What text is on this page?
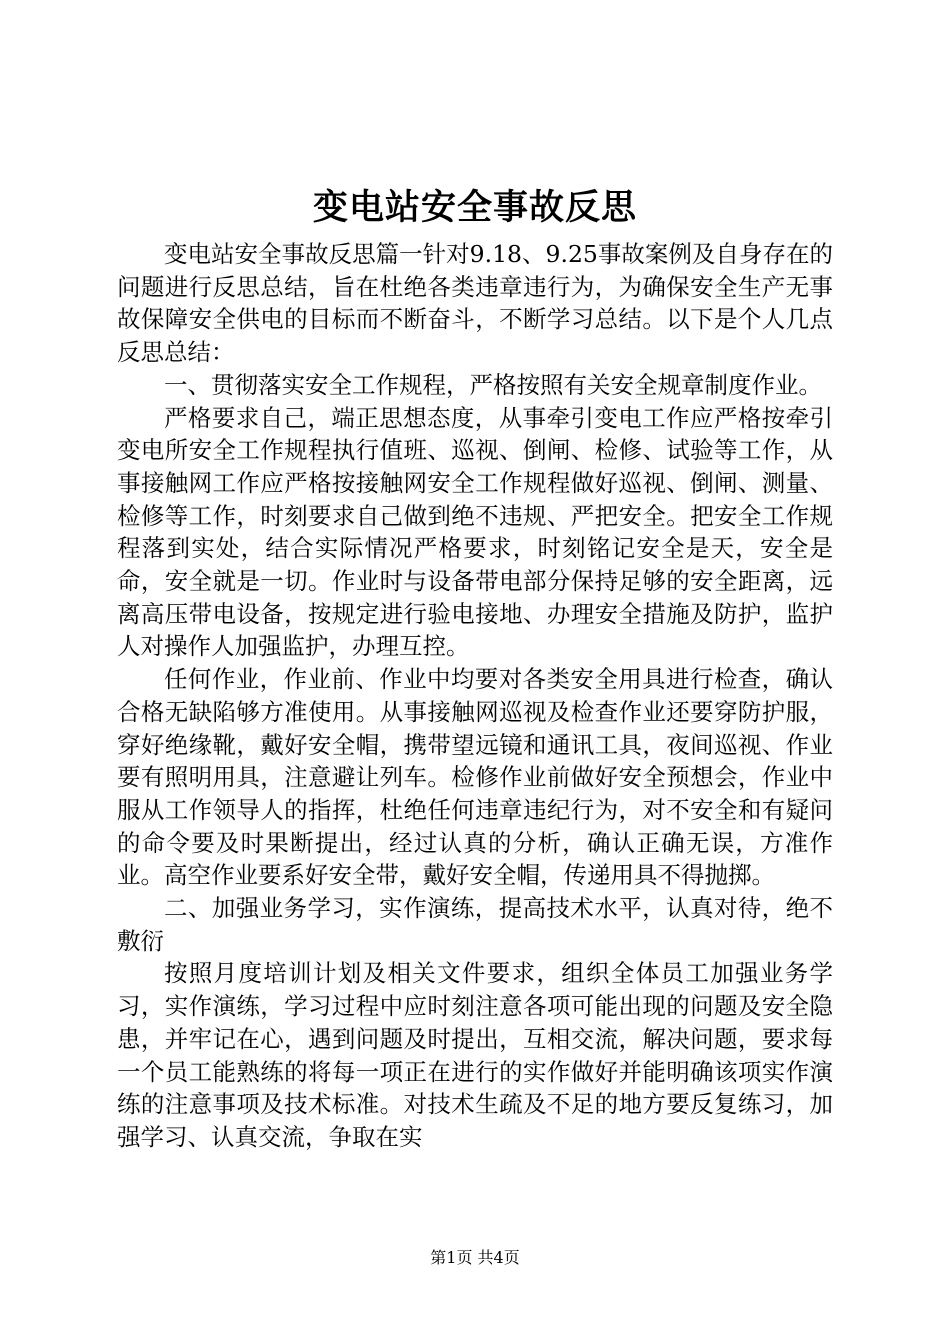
变电站安全事故反思

变电站安全事故反思篇一针对9.18、9.25事故案例及自身存在的问题进行反思总结，旨在杜绝各类违章违行为，为确保安全生产无事故保障安全供电的目标而不断奋斗，不断学习总结。以下是个人几点反思总结：

一、贯彻落实安全工作规程，严格按照有关安全规章制度作业。

严格要求自己，端正思想态度，从事牵引变电工作应严格按牵引变电所安全工作规程执行值班、巡视、倒闸、检修、试验等工作，从事接触网工作应严格按接触网安全工作规程做好巡视、倒闸、测量、检修等工作，时刻要求自己做到绝不违规、严把安全。把安全工作规程落到实处，结合实际情况严格要求，时刻铭记安全是天，安全是命，安全就是一切。作业时与设备带电部分保持足够的安全距离，远离高压带电设备，按规定进行验电接地、办理安全措施及防护，监护人对操作人加强监护，办理互控。

任何作业，作业前、作业中均要对各类安全用具进行检查，确认合格无缺陷够方准使用。从事接触网巡视及检查作业还要穿防护服，穿好绝缘靴，戴好安全帽，携带望远镜和通讯工具，夜间巡视、作业要有照明用具，注意避让列车。检修作业前做好安全预想会，作业中服从工作领导人的指挥，杜绝任何违章违纪行为，对不安全和有疑问的命令要及时果断提出，经过认真的分析，确认正确无误，方准作业。高空作业要系好安全带，戴好安全帽，传递用具不得抛掷。

二、加强业务学习，实作演练，提高技术水平，认真对待，绝不敷衍

按照月度培训计划及相关文件要求，组织全体员工加强业务学习，实作演练，学习过程中应时刻注意各项可能出现的问题及安全隐患，并牢记在心，遇到问题及时提出，互相交流，解决问题，要求每一个员工能熟练的将每一项正在进行的实作做好并能明确该项实作演练的注意事项及技术标准。对技术生疏及不足的地方要反复练习，加强学习、认真交流，争取在实

第1页 共4页
